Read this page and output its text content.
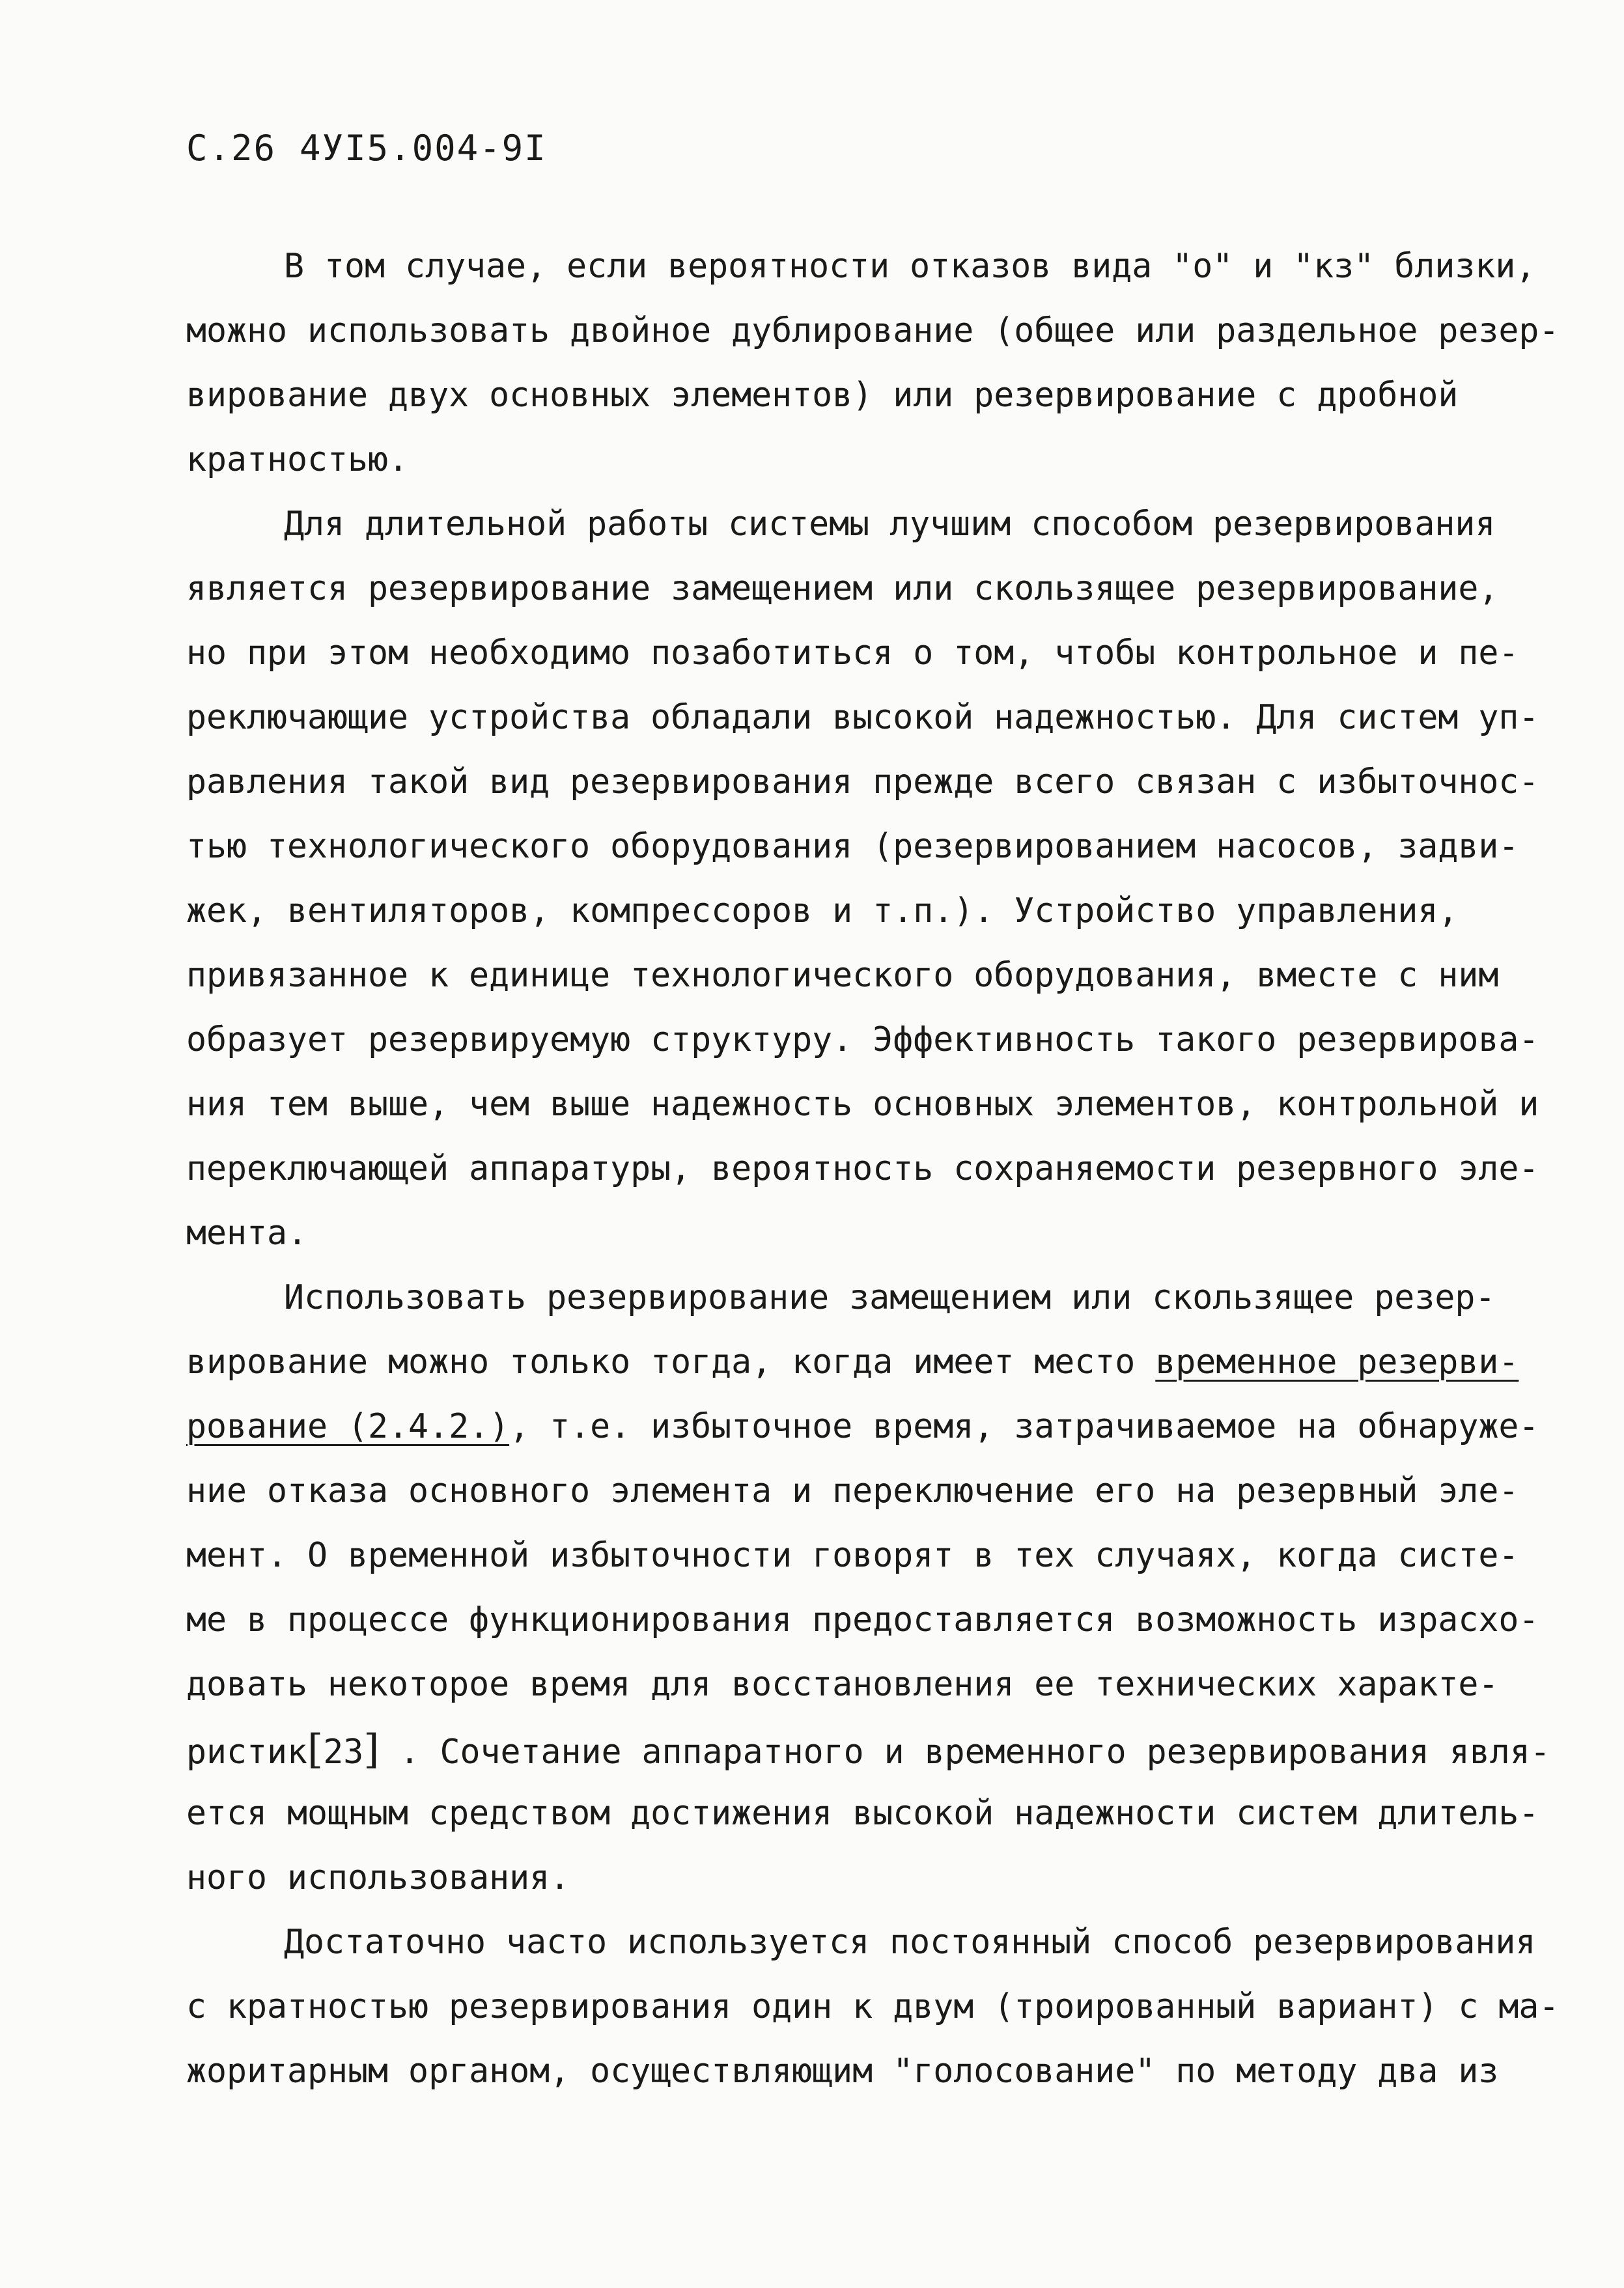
С.26 4УI5.004-9I
В том случае, если вероятности отказов вида "о" и "кз" близки,
можно использовать двойное дублирование (общее или раздельное резер-
вирование двух основных элементов) или резервирование с дробной
кратностью.
Для длительной работы системы лучшим способом резервирования
является резервирование замещением или скользящее резервирование,
но при этом необходимо позаботиться о том, чтобы контрольное и пе-
реключающие устройства обладали высокой надежностью. Для систем уп-
равления такой вид резервирования прежде всего связан с избыточнос-
тью технологического оборудования (резервированием насосов, задви-
жек, вентиляторов, компрессоров и т.п.). Устройство управления,
привязанное к единице технологического оборудования, вместе с ним
образует резервируемую структуру. Эффективность такого резервирова-
ния тем выше, чем выше надежность основных элементов, контрольной и
переключающей аппаратуры, вероятность сохраняемости резервного эле-
мента.
Использовать резервирование замещением или скользящее резер-
вирование можно только тогда, когда имеет место временное резерви-
рование (2.4.2.), т.е. избыточное время, затрачиваемое на обнаруже-
ние отказа основного элемента и переключение его на резервный эле-
мент. О временной избыточности говорят в тех случаях, когда систе-
ме в процессе функционирования предоставляется возможность израсхо-
довать некоторое время для восстановления ее технических характе-
ристик[23] . Сочетание аппаратного и временного резервирования явля-
ется мощным средством достижения высокой надежности систем длитель-
ного использования.
Достаточно часто используется постоянный способ резервирования
с кратностью резервирования один к двум (троированный вариант) с ма-
жоритарным органом, осуществляющим "голосование" по методу два из
